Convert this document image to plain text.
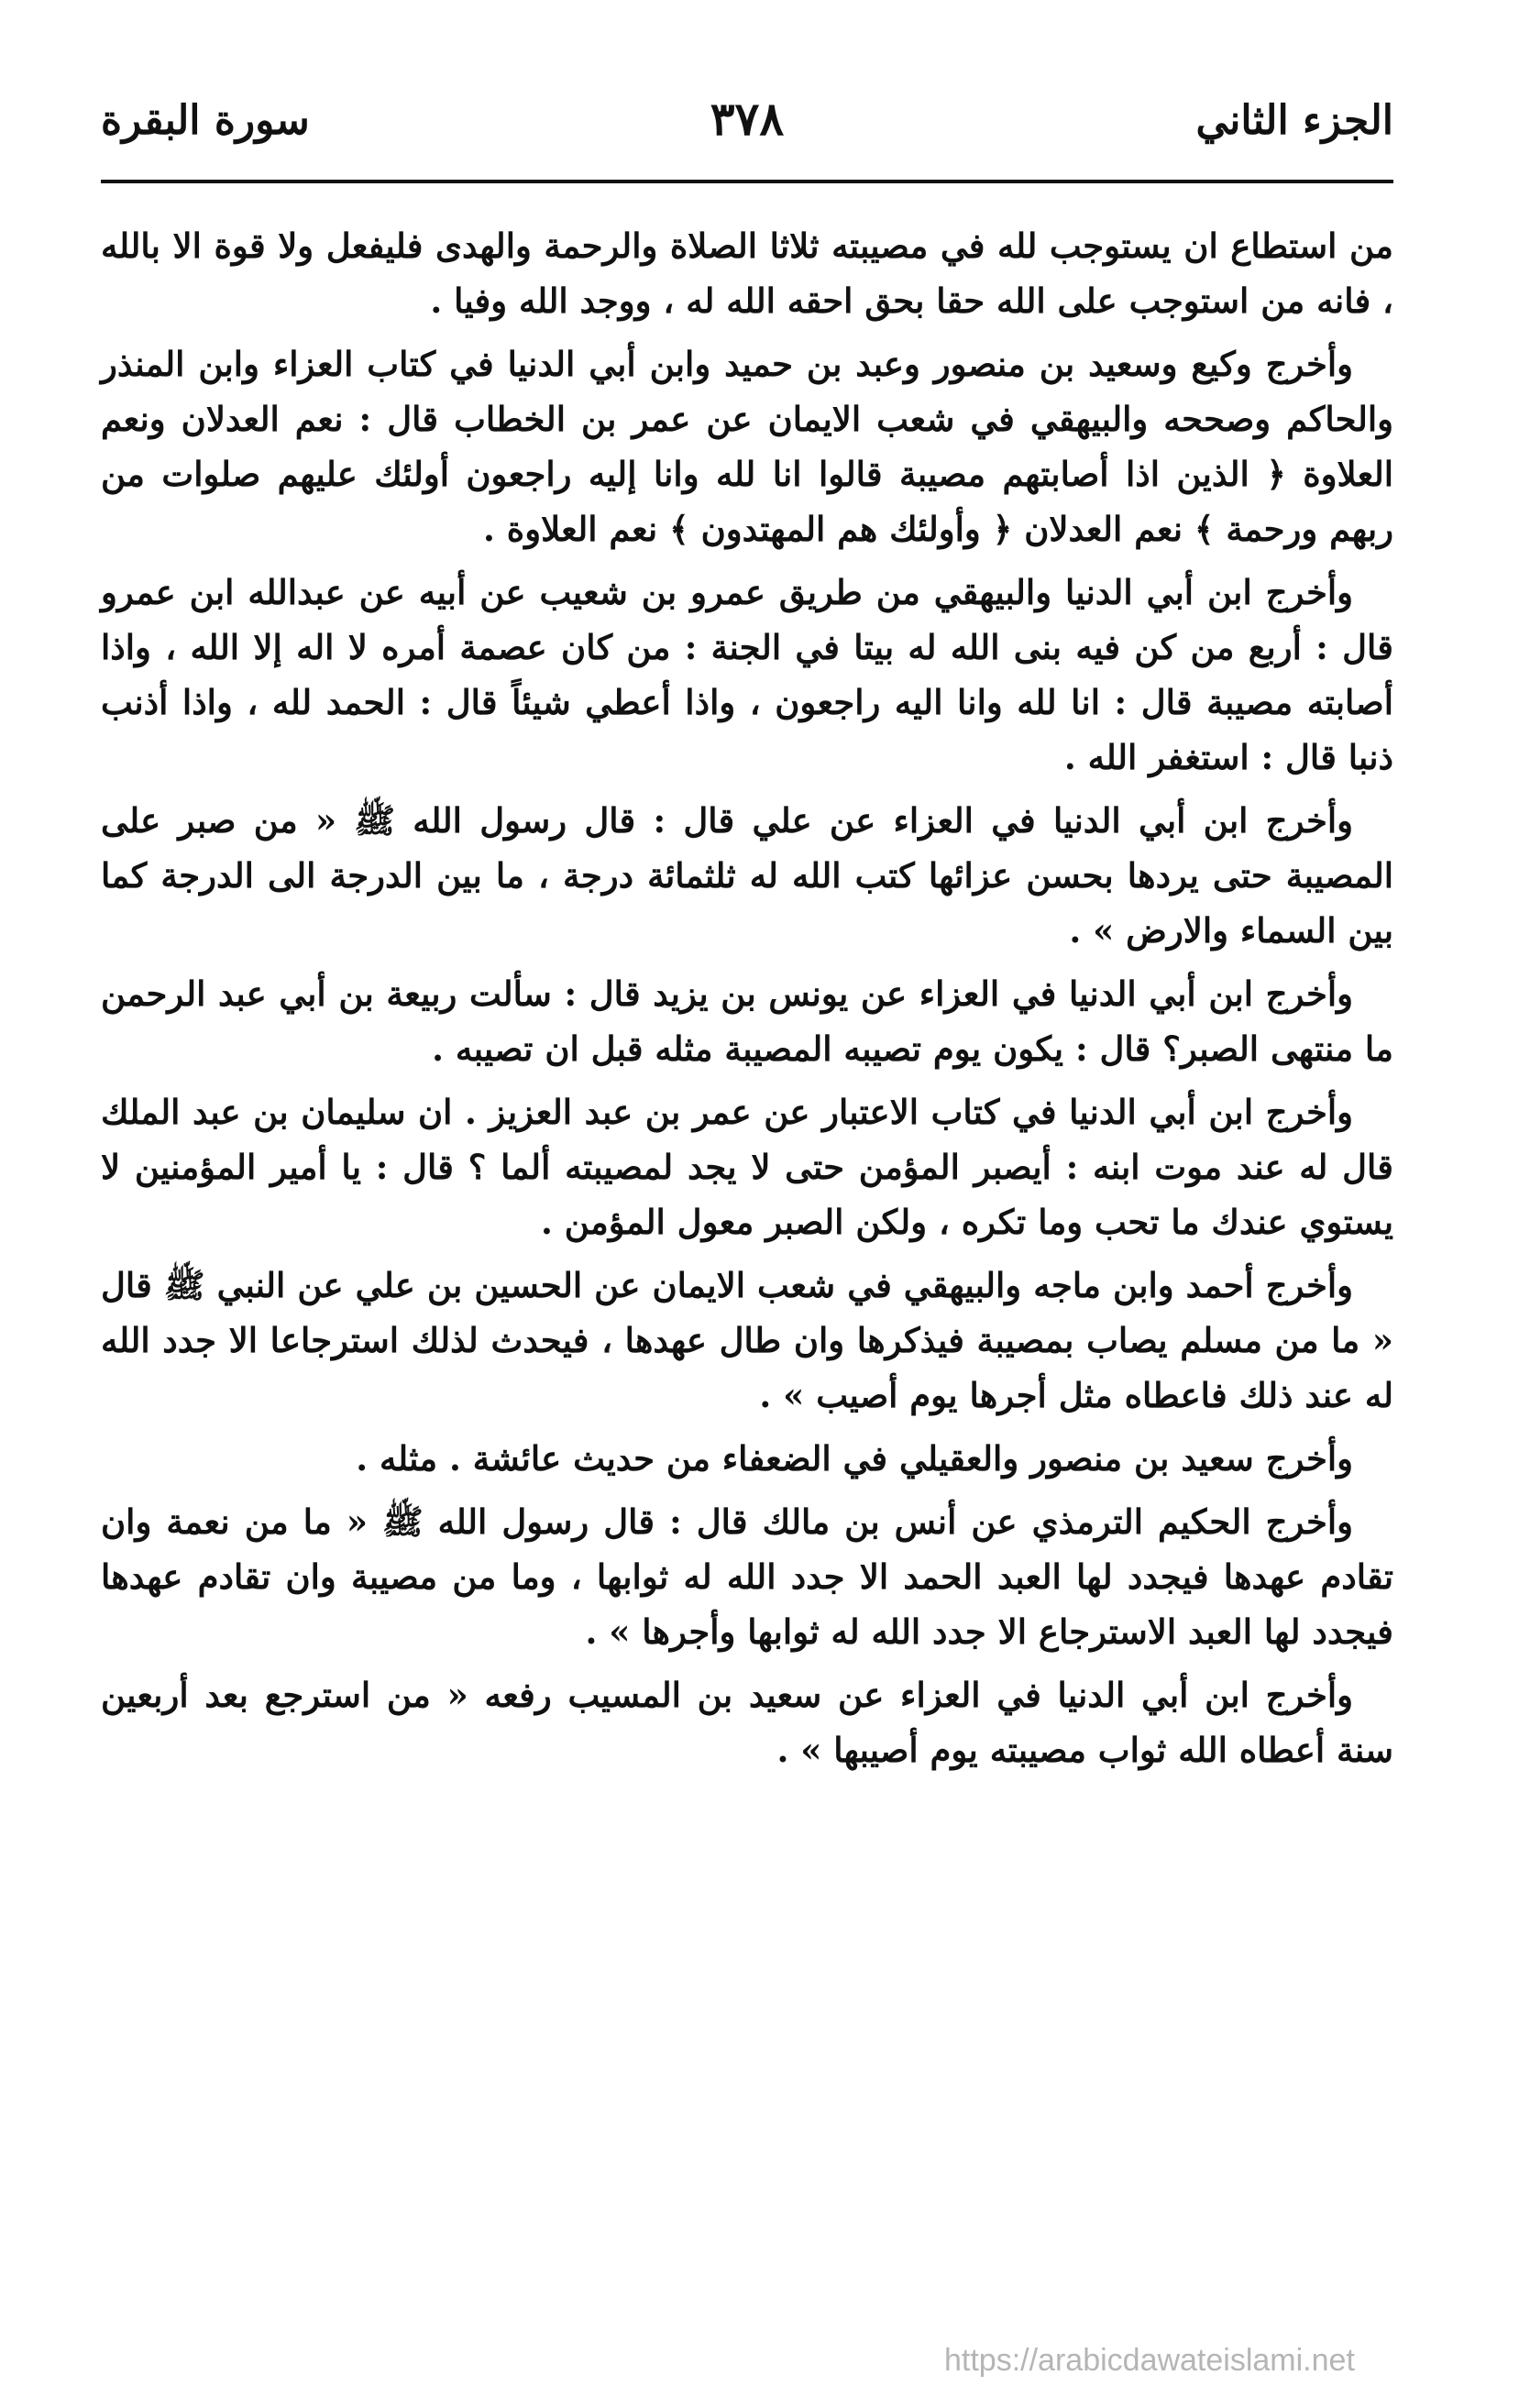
الجزء الثاني
٣٧٨
سورة البقرة

من استطاع ان يستوجب لله في مصيبته ثلاثا الصلاة والرحمة والهدى فليفعل ولا قوة الا بالله ، فانه من استوجب على الله حقا بحق احقه الله له ، ووجد الله وفيا .

وأخرج وكيع وسعيد بن منصور وعبد بن حميد وابن أبي الدنيا في كتاب العزاء وابن المنذر والحاكم وصححه والبيهقي في شعب الايمان عن عمر بن الخطاب قال : نعم العدلان ونعم العلاوة ﴿ الذين اذا أصابتهم مصيبة قالوا انا لله وانا إليه راجعون أولئك عليهم صلوات من ربهم ورحمة ﴾ نعم العدلان ﴿ وأولئك هم المهتدون ﴾ نعم العلاوة .

وأخرج ابن أبي الدنيا والبيهقي من طريق عمرو بن شعيب عن أبيه عن عبدالله ابن عمرو قال : أربع من كن فيه بنى الله له بيتا في الجنة : من كان عصمة أمره لا اله إلا الله ، واذا أصابته مصيبة قال : انا لله وانا اليه راجعون ، واذا أعطي شيئاً قال : الحمد لله ، واذا أذنب ذنبا قال : استغفر الله .

وأخرج ابن أبي الدنيا في العزاء عن علي قال : قال رسول الله ﷺ « من صبر على المصيبة حتى يردها بحسن عزائها كتب الله له ثلثمائة درجة ، ما بين الدرجة الى الدرجة كما بين السماء والارض » .

وأخرج ابن أبي الدنيا في العزاء عن يونس بن يزيد قال : سألت ربيعة بن أبي عبد الرحمن ما منتهى الصبر؟ قال : يكون يوم تصيبه المصيبة مثله قبل ان تصيبه .

وأخرج ابن أبي الدنيا في كتاب الاعتبار عن عمر بن عبد العزيز . ان سليمان بن عبد الملك قال له عند موت ابنه : أيصبر المؤمن حتى لا يجد لمصيبته ألما ؟ قال : يا أمير المؤمنين لا يستوي عندك ما تحب وما تكره ، ولكن الصبر معول المؤمن .

وأخرج أحمد وابن ماجه والبيهقي في شعب الايمان عن الحسين بن علي عن النبي ﷺ قال « ما من مسلم يصاب بمصيبة فيذكرها وان طال عهدها ، فيحدث لذلك استرجاعا الا جدد الله له عند ذلك فاعطاه مثل أجرها يوم أصيب » .

وأخرج سعيد بن منصور والعقيلي في الضعفاء من حديث عائشة . مثله .

وأخرج الحكيم الترمذي عن أنس بن مالك قال : قال رسول الله ﷺ « ما من نعمة وان تقادم عهدها فيجدد لها العبد الحمد الا جدد الله له ثوابها ، وما من مصيبة وان تقادم عهدها فيجدد لها العبد الاسترجاع الا جدد الله له ثوابها وأجرها » .

وأخرج ابن أبي الدنيا في العزاء عن سعيد بن المسيب رفعه « من استرجع بعد أربعين سنة أعطاه الله ثواب مصيبته يوم أصيبها » .

https://arabicdawateislami.net
